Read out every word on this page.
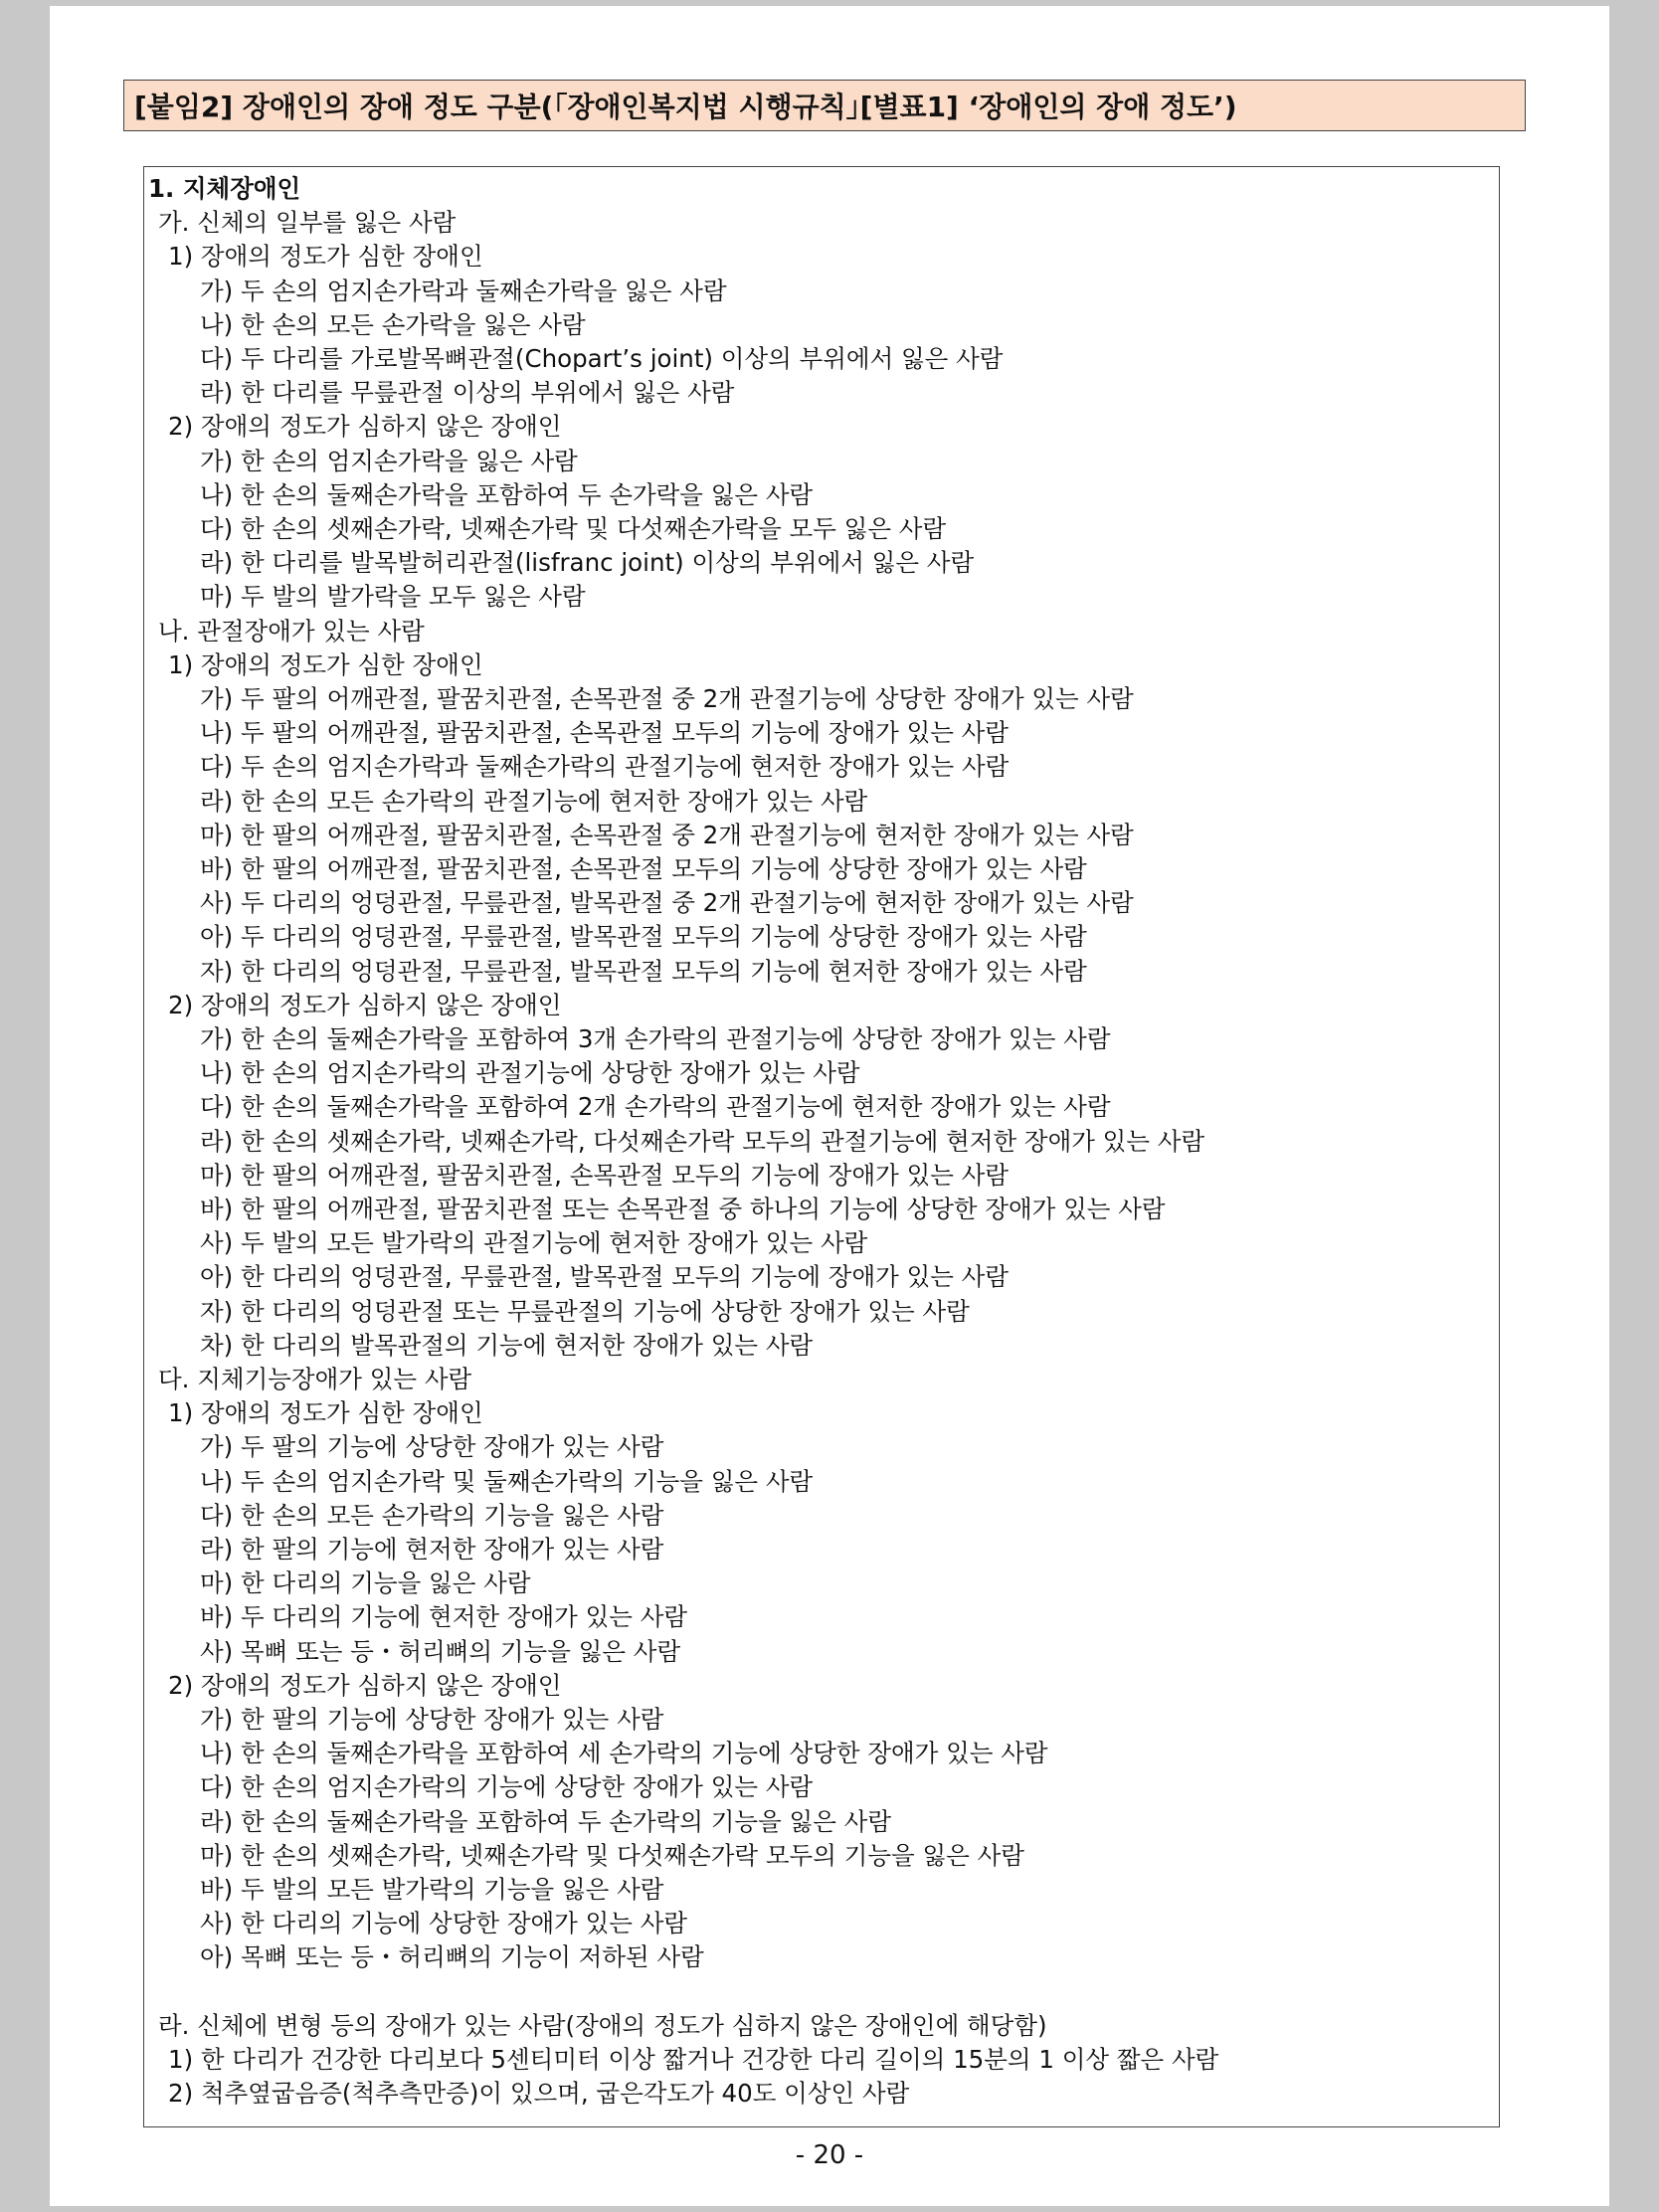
[붙임2] 장애인의 장애 정도 구분(｢장애인복지법 시행규칙｣[별표1] ‘장애인의 장애 정도’)
1. 지체장애인
가. 신체의 일부를 잃은 사람
1) 장애의 정도가 심한 장애인
가) 두 손의 엄지손가락과 둘째손가락을 잃은 사람
나) 한 손의 모든 손가락을 잃은 사람
다) 두 다리를 가로발목뼈관절(Chopart’s joint) 이상의 부위에서 잃은 사람
라) 한 다리를 무릎관절 이상의 부위에서 잃은 사람
2) 장애의 정도가 심하지 않은 장애인
가) 한 손의 엄지손가락을 잃은 사람
나) 한 손의 둘째손가락을 포함하여 두 손가락을 잃은 사람
다) 한 손의 셋째손가락, 넷째손가락 및 다섯째손가락을 모두 잃은 사람
라) 한 다리를 발목발허리관절(lisfranc joint) 이상의 부위에서 잃은 사람
마) 두 발의 발가락을 모두 잃은 사람
나. 관절장애가 있는 사람
1) 장애의 정도가 심한 장애인
가) 두 팔의 어깨관절, 팔꿈치관절, 손목관절 중 2개 관절기능에 상당한 장애가 있는 사람
나) 두 팔의 어깨관절, 팔꿈치관절, 손목관절 모두의 기능에 장애가 있는 사람
다) 두 손의 엄지손가락과 둘째손가락의 관절기능에 현저한 장애가 있는 사람
라) 한 손의 모든 손가락의 관절기능에 현저한 장애가 있는 사람
마) 한 팔의 어깨관절, 팔꿈치관절, 손목관절 중 2개 관절기능에 현저한 장애가 있는 사람
바) 한 팔의 어깨관절, 팔꿈치관절, 손목관절 모두의 기능에 상당한 장애가 있는 사람
사) 두 다리의 엉덩관절, 무릎관절, 발목관절 중 2개 관절기능에 현저한 장애가 있는 사람
아) 두 다리의 엉덩관절, 무릎관절, 발목관절 모두의 기능에 상당한 장애가 있는 사람
자) 한 다리의 엉덩관절, 무릎관절, 발목관절 모두의 기능에 현저한 장애가 있는 사람
2) 장애의 정도가 심하지 않은 장애인
가) 한 손의 둘째손가락을 포함하여 3개 손가락의 관절기능에 상당한 장애가 있는 사람
나) 한 손의 엄지손가락의 관절기능에 상당한 장애가 있는 사람
다) 한 손의 둘째손가락을 포함하여 2개 손가락의 관절기능에 현저한 장애가 있는 사람
라) 한 손의 셋째손가락, 넷째손가락, 다섯째손가락 모두의 관절기능에 현저한 장애가 있는 사람
마) 한 팔의 어깨관절, 팔꿈치관절, 손목관절 모두의 기능에 장애가 있는 사람
바) 한 팔의 어깨관절, 팔꿈치관절 또는 손목관절 중 하나의 기능에 상당한 장애가 있는 사람
사) 두 발의 모든 발가락의 관절기능에 현저한 장애가 있는 사람
아) 한 다리의 엉덩관절, 무릎관절, 발목관절 모두의 기능에 장애가 있는 사람
자) 한 다리의 엉덩관절 또는 무릎관절의 기능에 상당한 장애가 있는 사람
차) 한 다리의 발목관절의 기능에 현저한 장애가 있는 사람
다. 지체기능장애가 있는 사람
1) 장애의 정도가 심한 장애인
가) 두 팔의 기능에 상당한 장애가 있는 사람
나) 두 손의 엄지손가락 및 둘째손가락의 기능을 잃은 사람
다) 한 손의 모든 손가락의 기능을 잃은 사람
라) 한 팔의 기능에 현저한 장애가 있는 사람
마) 한 다리의 기능을 잃은 사람
바) 두 다리의 기능에 현저한 장애가 있는 사람
사) 목뼈 또는 등・허리뼈의 기능을 잃은 사람
2) 장애의 정도가 심하지 않은 장애인
가) 한 팔의 기능에 상당한 장애가 있는 사람
나) 한 손의 둘째손가락을 포함하여 세 손가락의 기능에 상당한 장애가 있는 사람
다) 한 손의 엄지손가락의 기능에 상당한 장애가 있는 사람
라) 한 손의 둘째손가락을 포함하여 두 손가락의 기능을 잃은 사람
마) 한 손의 셋째손가락, 넷째손가락 및 다섯째손가락 모두의 기능을 잃은 사람
바) 두 발의 모든 발가락의 기능을 잃은 사람
사) 한 다리의 기능에 상당한 장애가 있는 사람
아) 목뼈 또는 등・허리뼈의 기능이 저하된 사람
라. 신체에 변형 등의 장애가 있는 사람(장애의 정도가 심하지 않은 장애인에 해당함)
1) 한 다리가 건강한 다리보다 5센티미터 이상 짧거나 건강한 다리 길이의 15분의 1 이상 짧은 사람
2) 척추옆굽음증(척추측만증)이 있으며, 굽은각도가 40도 이상인 사람
- 20 -
